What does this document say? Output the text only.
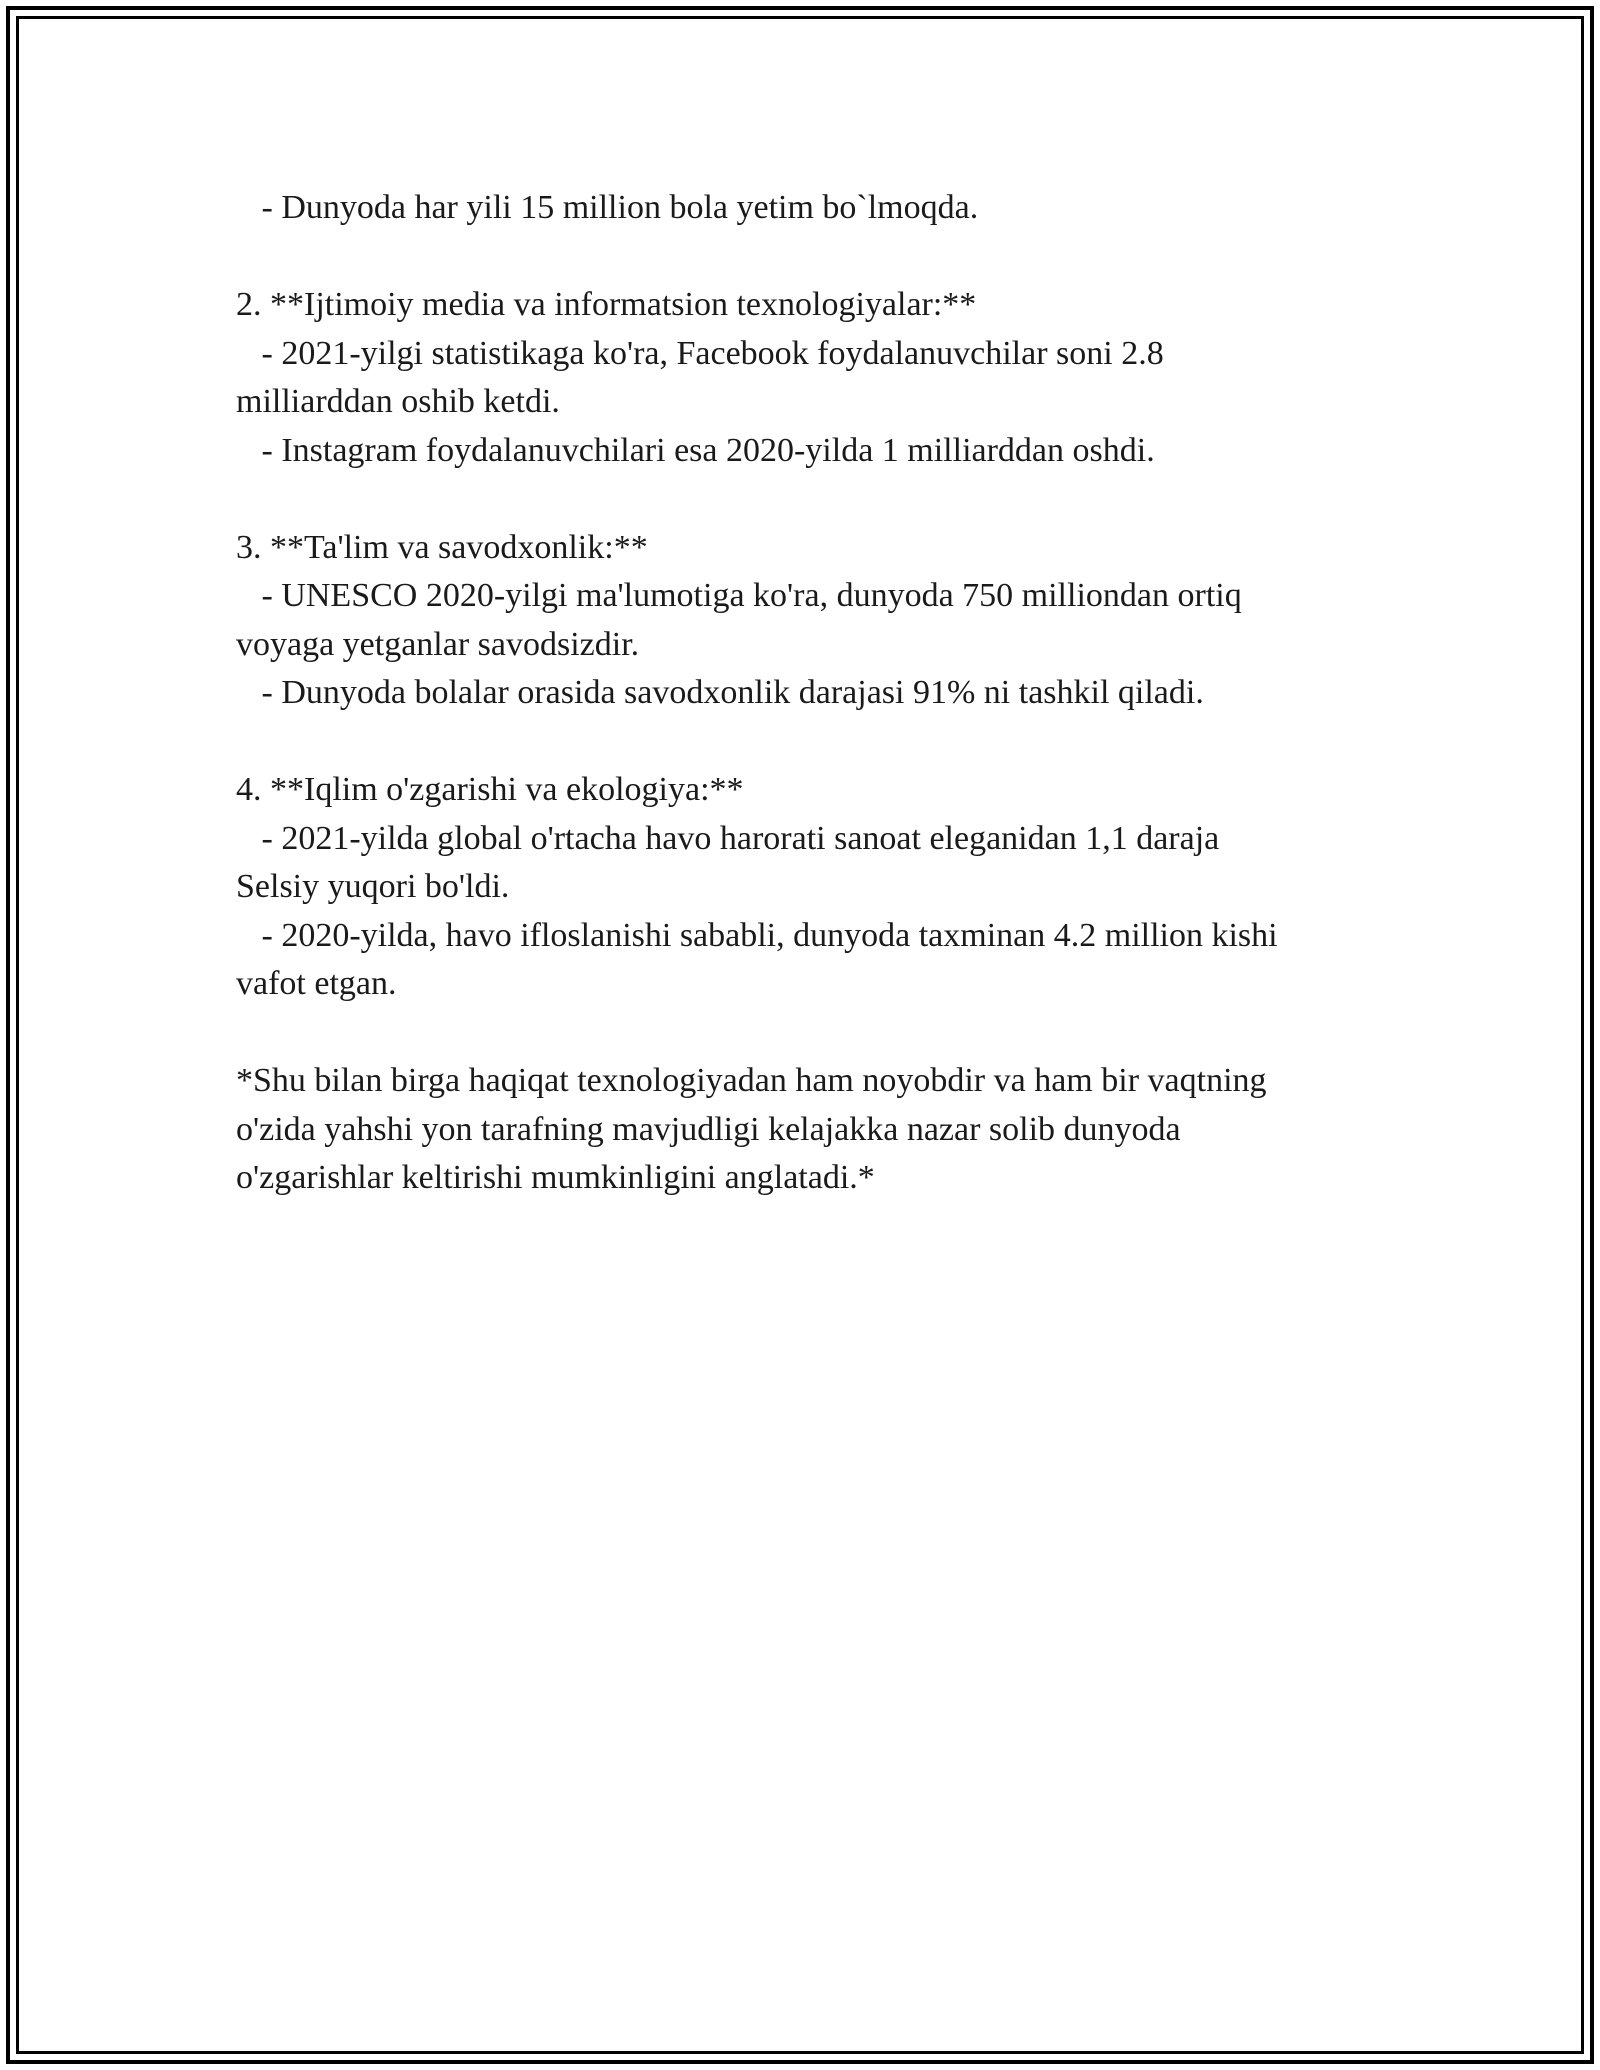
- Dunyoda har yili 15 million bola yetim bo`lmoqda.
2. **Ijtimoiy media va informatsion texnologiyalar:**
- 2021-yilgi statistikaga ko'ra, Facebook foydalanuvchilar soni 2.8
milliarddan oshib ketdi.
- Instagram foydalanuvchilari esa 2020-yilda 1 milliarddan oshdi.
3. **Ta'lim va savodxonlik:**
- UNESCO 2020-yilgi ma'lumotiga ko'ra, dunyoda 750 milliondan ortiq
voyaga yetganlar savodsizdir.
- Dunyoda bolalar orasida savodxonlik darajasi 91% ni tashkil qiladi.
4. **Iqlim o'zgarishi va ekologiya:**
- 2021-yilda global o'rtacha havo harorati sanoat eleganidan 1,1 daraja
Selsiy yuqori bo'ldi.
- 2020-yilda, havo ifloslanishi sababli, dunyoda taxminan 4.2 million kishi
vafot etgan.
*Shu bilan birga haqiqat texnologiyadan ham noyobdir va ham bir vaqtning
o'zida yahshi yon tarafning mavjudligi kelajakka nazar solib dunyoda
o'zgarishlar keltirishi mumkinligini anglatadi.*
